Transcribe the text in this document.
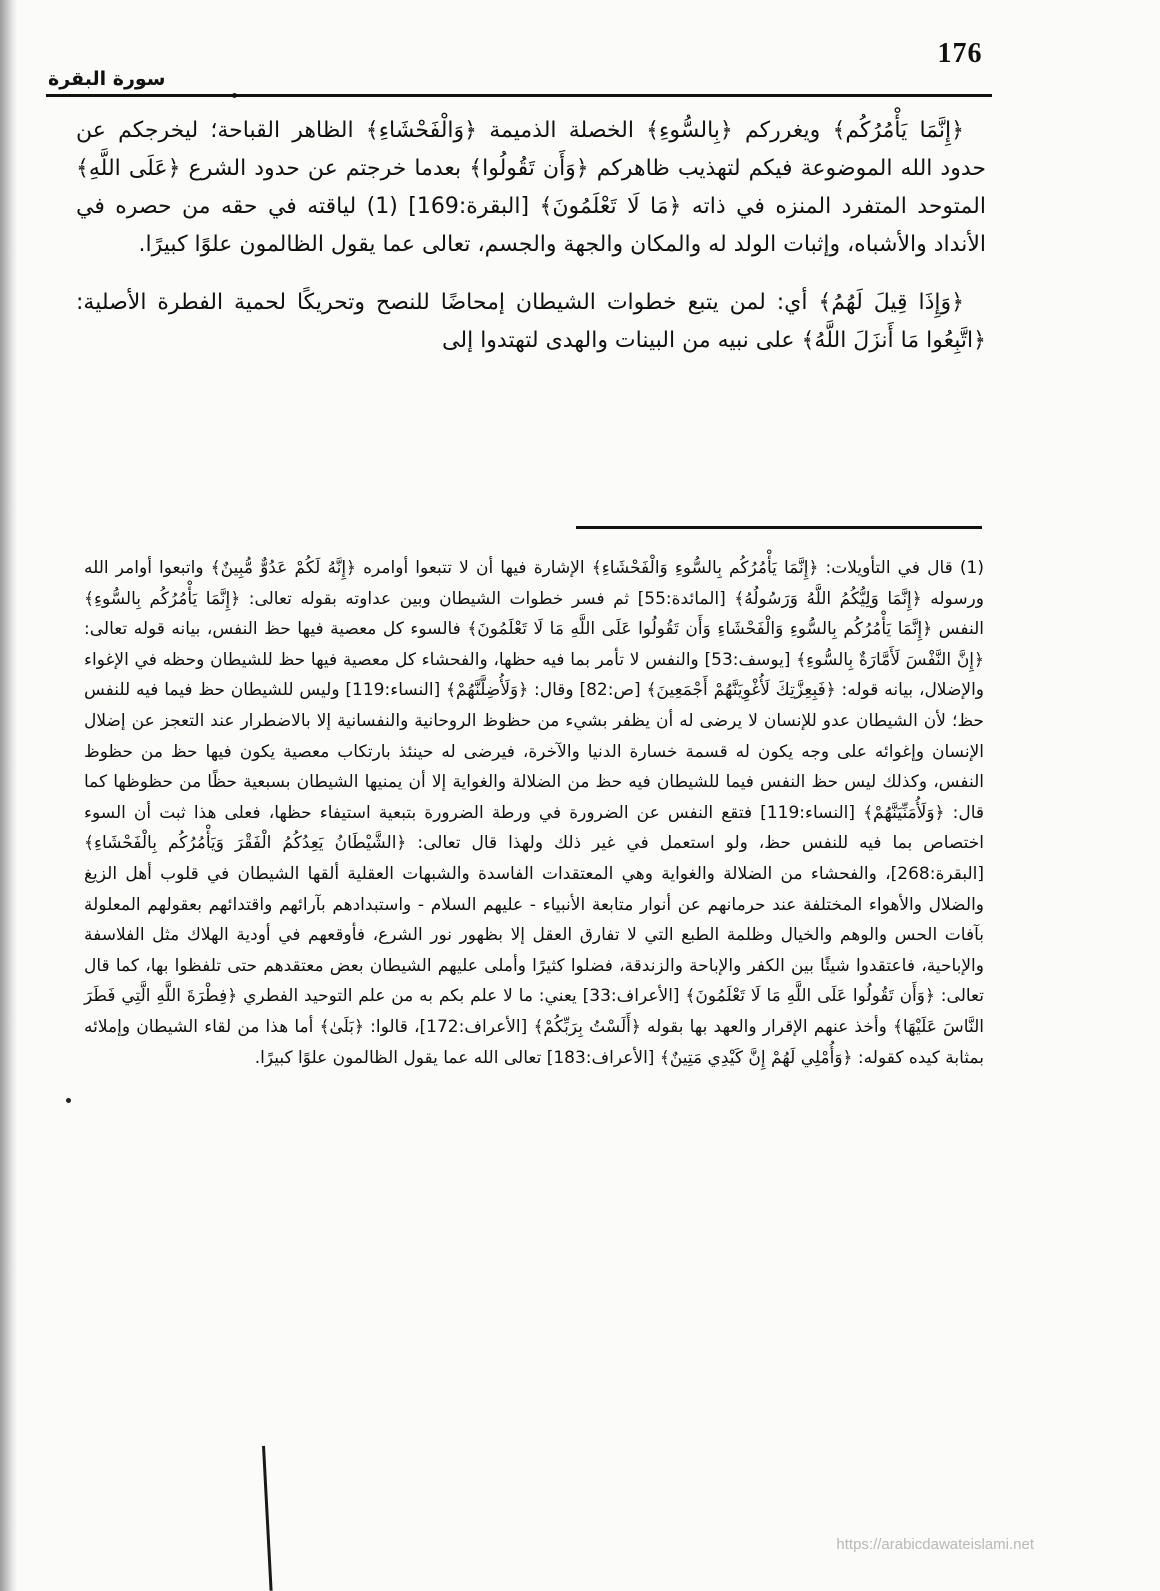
176
سورة البقرة

﴿إِنَّمَا يَأْمُرُكُم﴾ ويغرركم ﴿بِالسُّوءِ﴾ الخصلة الذميمة ﴿وَالْفَحْشَاءِ﴾ الظاهر القباحة؛ ليخرجكم عن حدود الله الموضوعة فيكم لتهذيب ظاهركم ﴿وَأَن تَقُولُوا﴾ بعدما خرجتم عن حدود الشرع ﴿عَلَى اللَّهِ﴾ المتوحد المتفرد المنزه في ذاته ﴿مَا لَا تَعْلَمُونَ﴾ [البقرة:169] (1) لياقته في حقه من حصره في الأنداد والأشباه، وإثبات الولد له والمكان والجهة والجسم، تعالى عما يقول الظالمون علوًا كبيرًا.

﴿وَإِذَا قِيلَ لَهُمُ﴾ أي: لمن يتبع خطوات الشيطان إمحاضًا للنصح وتحريكًا لحمية الفطرة الأصلية: ﴿اتَّبِعُوا مَا أَنزَلَ اللَّهُ﴾ على نبيه من البينات والهدى لتهتدوا إلى

(1) قال في التأويلات: ﴿إِنَّمَا يَأْمُرُكُم بِالسُّوءِ وَالْفَحْشَاءِ﴾ الإشارة فيها أن لا تتبعوا أوامره ﴿إِنَّهُ لَكُمْ عَدُوٌّ مُّبِينٌ﴾ واتبعوا أوامر الله ورسوله ﴿إِنَّمَا وَلِيُّكُمُ اللَّهُ وَرَسُولُهُ﴾ [المائدة:55] ثم فسر خطوات الشيطان وبين عداوته بقوله تعالى: ﴿إِنَّمَا يَأْمُرُكُم بِالسُّوءِ﴾ النفس ﴿إِنَّمَا يَأْمُرُكُم بِالسُّوءِ وَالْفَحْشَاءِ وَأَن تَقُولُوا عَلَى اللَّهِ مَا لَا تَعْلَمُونَ﴾ فالسوء كل معصية فيها حظ النفس، بيانه قوله تعالى: ﴿إِنَّ النَّفْسَ لَأَمَّارَةٌ بِالسُّوءِ﴾ [يوسف:53] والنفس لا تأمر بما فيه حظها، والفحشاء كل معصية فيها حظ للشيطان وحظه في الإغواء والإضلال، بيانه قوله: ﴿فَبِعِزَّتِكَ لَأُغْوِيَنَّهُمْ أَجْمَعِينَ﴾ [ص:82] وقال: ﴿وَلَأُضِلَّنَّهُمْ﴾ [النساء:119] وليس للشيطان حظ فيما فيه للنفس حظ؛ لأن الشيطان عدو للإنسان لا يرضى له أن يظفر بشيء من حظوظ الروحانية والنفسانية إلا بالاضطرار عند التعجز عن إضلال الإنسان وإغوائه على وجه يكون له قسمة خسارة الدنيا والآخرة، فيرضى له حينئذ بارتكاب معصية يكون فيها حظ من حظوظ النفس، وكذلك ليس حظ النفس فيما للشيطان فيه حظ من الضلالة والغواية إلا أن يمنيها الشيطان بسبعية حظًا من حظوظها كما قال: ﴿وَلَأُمَنِّيَنَّهُمْ﴾ [النساء:119] فتقع النفس عن الضرورة في ورطة الضرورة بتبعية استيفاء حظها، فعلى هذا ثبت أن السوء اختصاص بما فيه للنفس حظ، ولو استعمل في غير ذلك ولهذا قال تعالى: ﴿الشَّيْطَانُ يَعِدُكُمُ الْفَقْرَ وَيَأْمُرُكُم بِالْفَحْشَاءِ﴾ [البقرة:268]، والفحشاء من الضلالة والغواية وهي المعتقدات الفاسدة والشبهات العقلية ألقها الشيطان في قلوب أهل الزيغ والضلال والأهواء المختلفة عند حرمانهم عن أنوار متابعة الأنبياء - عليهم السلام - واستبدادهم بآرائهم واقتدائهم بعقولهم المعلولة بآفات الحس والوهم والخيال وظلمة الطبع التي لا تفارق العقل إلا بظهور نور الشرع، فأوقعهم في أودية الهلاك مثل الفلاسفة والإباحية، فاعتقدوا شيئًا بين الكفر والإباحة والزندقة، فضلوا كثيرًا وأملى عليهم الشيطان بعض معتقدهم حتى تلفظوا بها، كما قال تعالى: ﴿وَأَن تَقُولُوا عَلَى اللَّهِ مَا لَا تَعْلَمُونَ﴾ [الأعراف:33] يعني: ما لا علم بكم به من علم التوحيد الفطري ﴿فِطْرَةَ اللَّهِ الَّتِي فَطَرَ النَّاسَ عَلَيْهَا﴾ وأخذ عنهم الإقرار والعهد بها بقوله ﴿أَلَسْتُ بِرَبِّكُمْ﴾ [الأعراف:172]، قالوا: ﴿بَلَىٰ﴾ أما هذا من لقاء الشيطان وإملائه بمثابة كيده كقوله: ﴿وَأُمْلِي لَهُمْ إِنَّ كَيْدِي مَتِينٌ﴾ [الأعراف:183] تعالى الله عما يقول الظالمون علوًا كبيرًا.

https://arabicdawateislami.net
